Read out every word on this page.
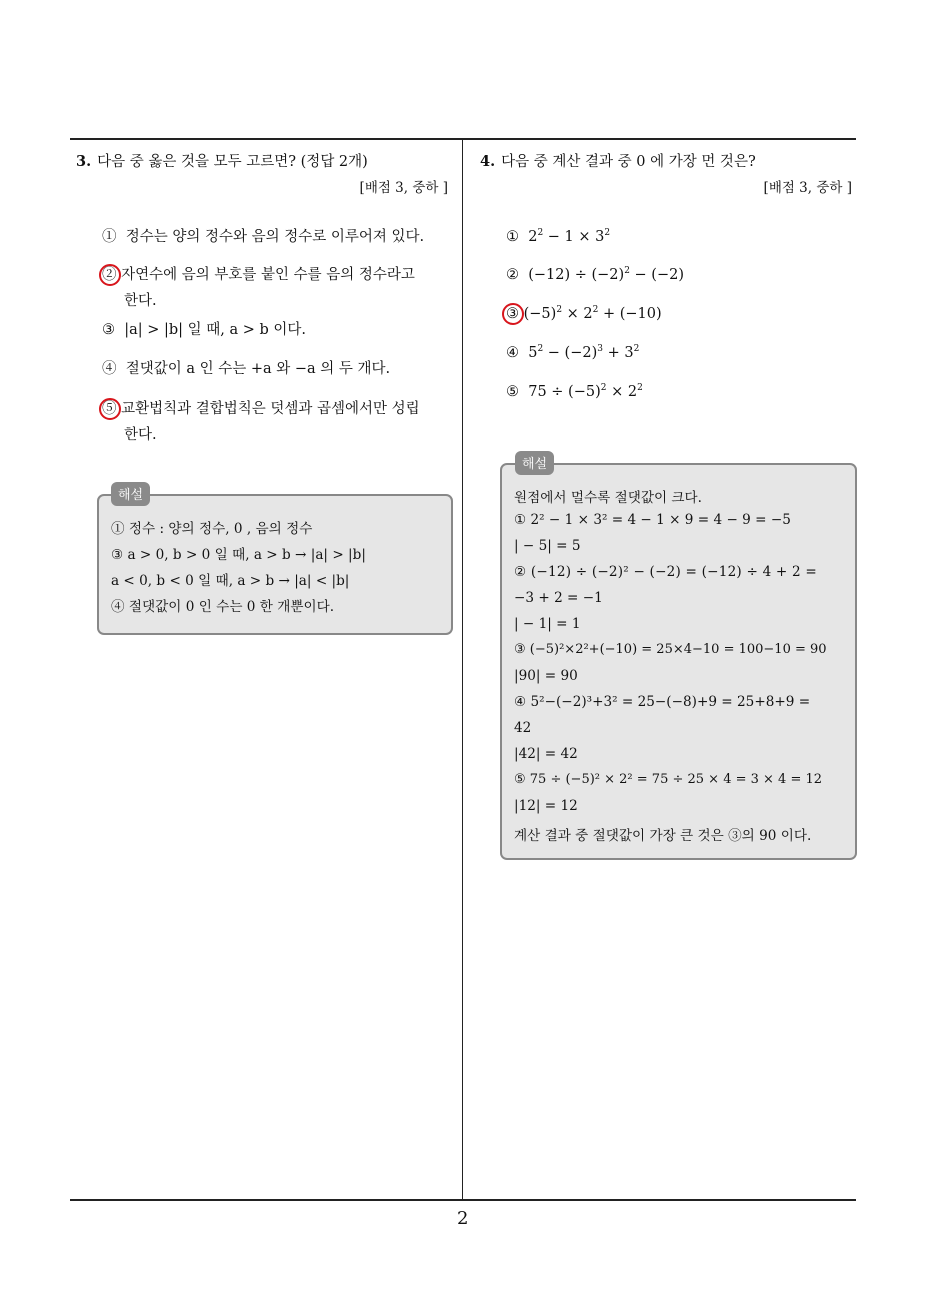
3. 다음 중 옳은 것을 모두 고르면? (정답 2개)
[배점 3, 중하 ]
① 정수는 양의 정수와 음의 정수로 이루어져 있다.
② 자연수에 음의 부호를 붙인 수를 음의 정수라고
한다.
③ |a| > |b| 일 때, a > b 이다.
④ 절댓값이 a 인 수는 +a 와 −a 의 두 개다.
⑤ 교환법칙과 결합법칙은 덧셈과 곱셈에서만 성립
한다.
① 정수 : 양의 정수, 0 , 음의 정수
③ a > 0, b > 0 일 때, a > b → |a| > |b|
a < 0, b < 0 일 때, a > b → |a| < |b|
④ 절댓값이 0 인 수는 0 한 개뿐이다.
해설
4. 다음 중 계산 결과 중 0 에 가장 먼 것은?
[배점 3, 중하 ]
① $2^2 - 1 \times 3^2$
② $(-12) \div (-2)^2 - (-2)$
③ $(-5)^2 \times 2^2 + (-10)$
④ $5^2 - (-2)^3 + 3^2$
⑤ $75 \div (-5)^2 \times 2^2$
원점에서 멀수록 절댓값이 크다.
① 2² − 1 × 3² = 4 − 1 × 9 = 4 − 9 = −5
| − 5| = 5
② (−12) ÷ (−2)² − (−2) = (−12) ÷ 4 + 2 =
−3 + 2 = −1
| − 1| = 1
③ (−5)²×2²+(−10) = 25×4−10 = 100−10 = 90
|90| = 90
④ 5²−(−2)³+3² = 25−(−8)+9 = 25+8+9 =
42
|42| = 42
⑤ 75 ÷ (−5)² × 2² = 75 ÷ 25 × 4 = 3 × 4 = 12
|12| = 12
계산 결과 중 절댓값이 가장 큰 것은 ③의 90 이다.
해설
2
